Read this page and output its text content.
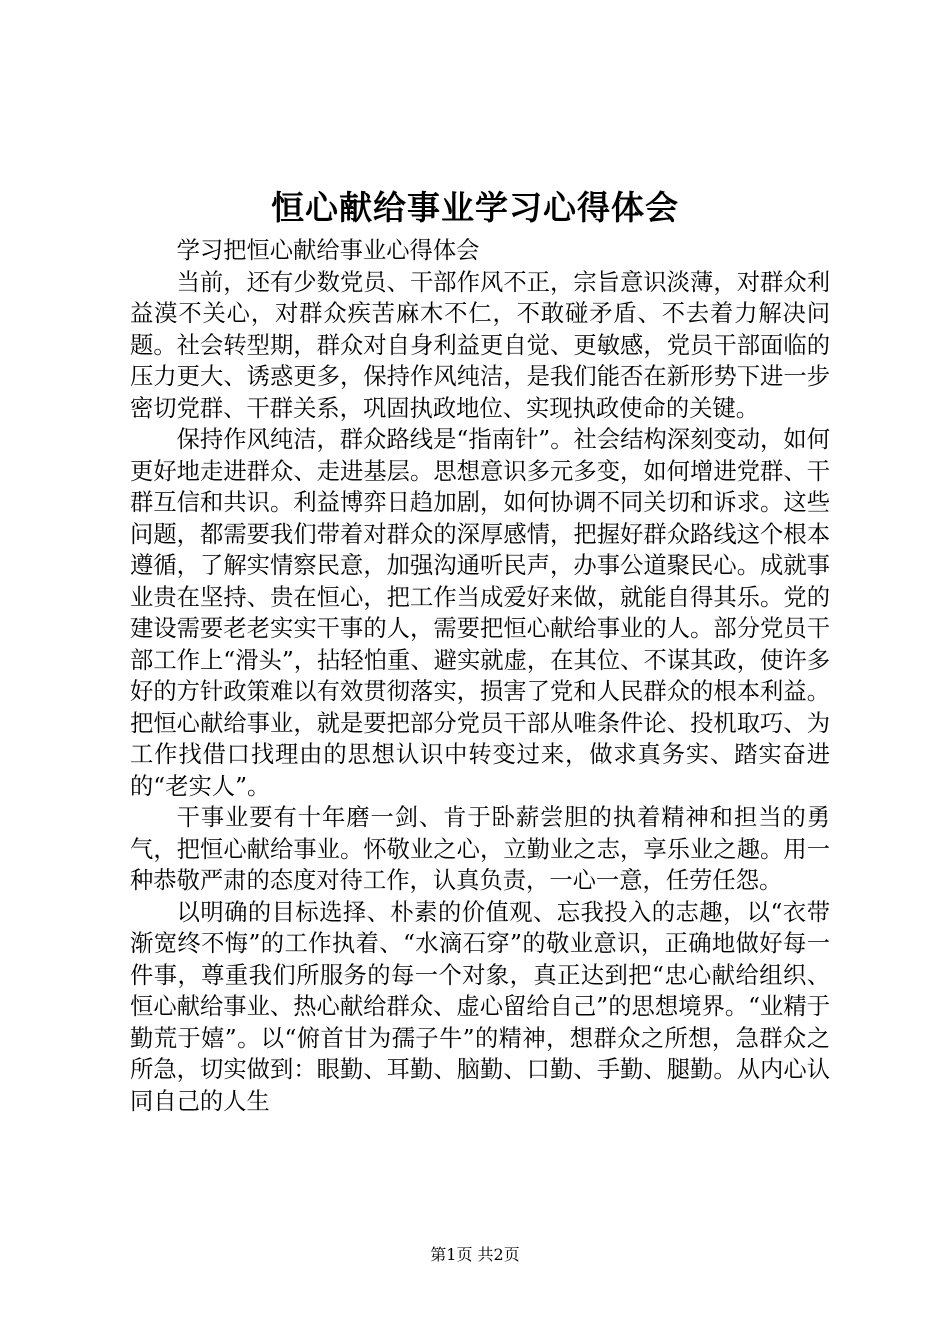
恒心献给事业学习心得体会

学习把恒心献给事业心得体会

当前，还有少数党员、干部作风不正，宗旨意识淡薄，对群众利益漠不关心，对群众疾苦麻木不仁，不敢碰矛盾、不去着力解决问题。社会转型期，群众对自身利益更自觉、更敏感，党员干部面临的压力更大、诱惑更多，保持作风纯洁，是我们能否在新形势下进一步密切党群、干群关系，巩固执政地位、实现执政使命的关键。

保持作风纯洁，群众路线是“指南针”。社会结构深刻变动，如何更好地走进群众、走进基层。思想意识多元多变，如何增进党群、干群互信和共识。利益博弈日趋加剧，如何协调不同关切和诉求。这些问题，都需要我们带着对群众的深厚感情，把握好群众路线这个根本遵循，了解实情察民意，加强沟通听民声，办事公道聚民心。成就事业贵在坚持、贵在恒心，把工作当成爱好来做，就能自得其乐。党的建设需要老老实实干事的人，需要把恒心献给事业的人。部分党员干部工作上“滑头”，拈轻怕重、避实就虚，在其位、不谋其政，使许多好的方针政策难以有效贯彻落实，损害了党和人民群众的根本利益。把恒心献给事业，就是要把部分党员干部从唯条件论、投机取巧、为工作找借口找理由的思想认识中转变过来，做求真务实、踏实奋进的“老实人”。

干事业要有十年磨一剑、肯于卧薪尝胆的执着精神和担当的勇气，把恒心献给事业。怀敬业之心，立勤业之志，享乐业之趣。用一种恭敬严肃的态度对待工作，认真负责，一心一意，任劳任怨。

以明确的目标选择、朴素的价值观、忘我投入的志趣，以“衣带渐宽终不悔”的工作执着、“水滴石穿”的敬业意识，正确地做好每一件事，尊重我们所服务的每一个对象，真正达到把“忠心献给组织、恒心献给事业、热心献给群众、虚心留给自己”的思想境界。“业精于勤荒于嬉”。以“俯首甘为孺子牛”的精神，想群众之所想，急群众之所急，切实做到：眼勤、耳勤、脑勤、口勤、手勤、腿勤。从内心认同自己的人生

第1页 共2页
